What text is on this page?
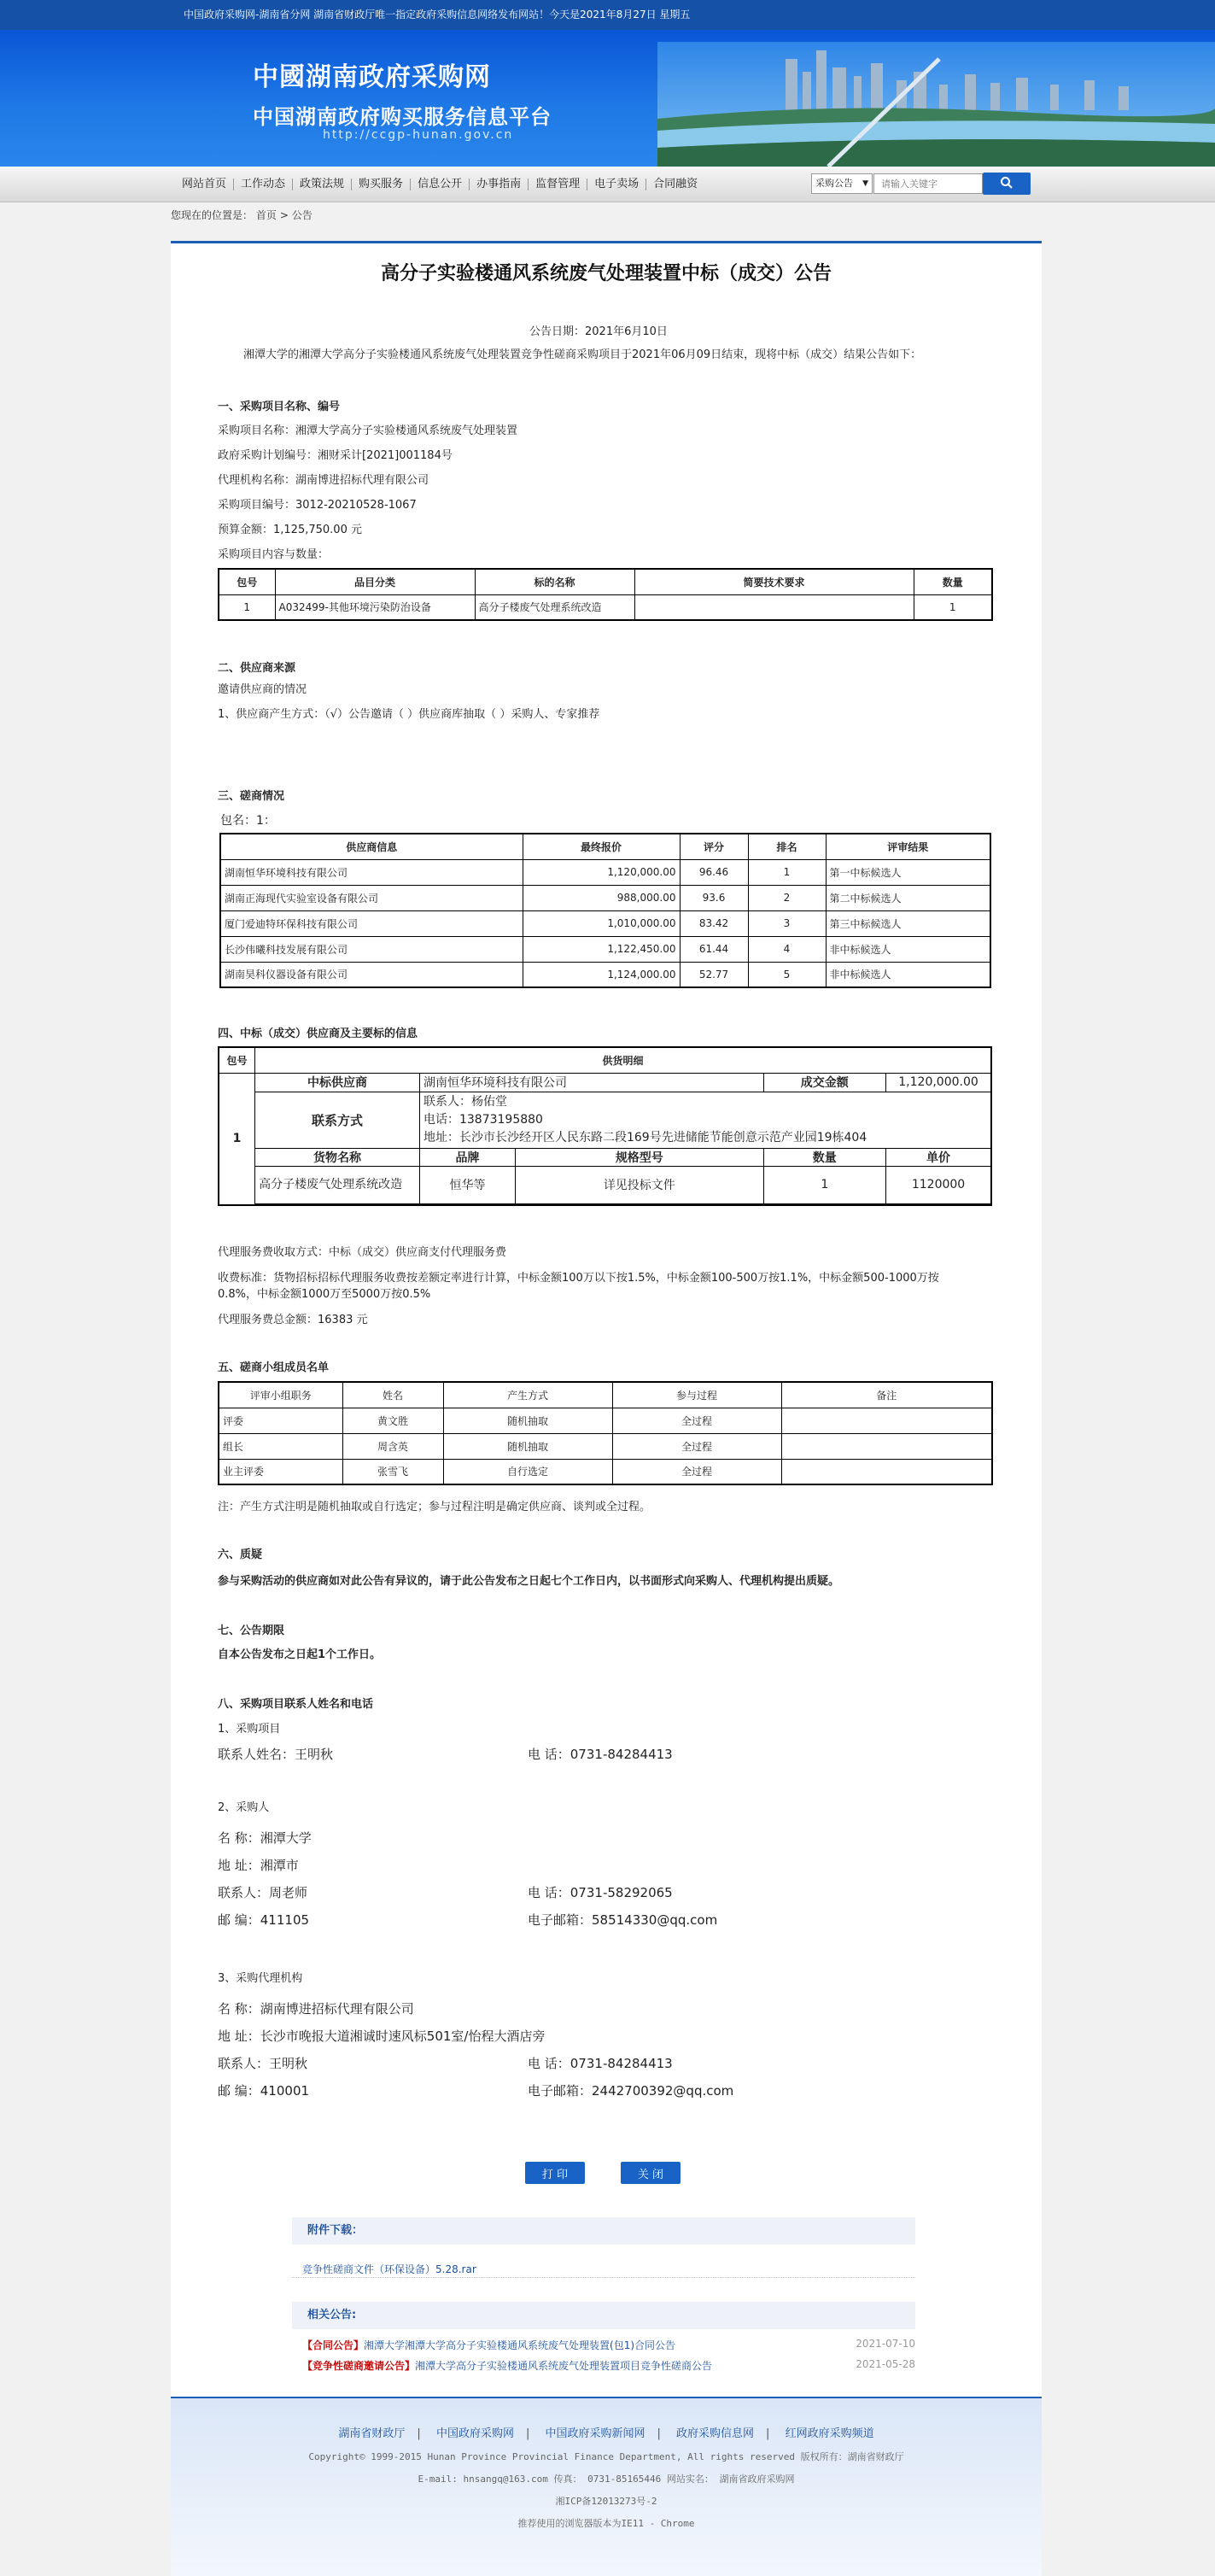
中国政府采购网-湖南省分网 湖南省财政厅唯一指定政府采购信息网络发布网站！今天是2021年8月27日 星期五
中國湖南政府采购网
中国湖南政府购买服务信息平台
http://ccgp-hunan.gov.cn
网站首页	工作动态	政策法规	购买服务	信息公开	办事指南	监督管理	电子卖场	合同融资	采购公告 ▼
请输入关键字
您现在的位置是： 首页 > 公告
高分子实验楼通风系统废气处理装置中标（成交）公告
公告日期：2021年6月10日
湘潭大学的湘潭大学高分子实验楼通风系统废气处理装置竞争性磋商采购项目于2021年06月09日结束，现将中标（成交）结果公告如下：
一、采购项目名称、编号
采购项目名称：湘潭大学高分子实验楼通风系统废气处理装置
政府采购计划编号：湘财采计[2021]001184号
代理机构名称：湖南博进招标代理有限公司
采购项目编号：3012-20210528-1067
预算金额：1,125,750.00 元
采购项目内容与数量：
包号	品目分类	标的名称	简要技术要求	数量
1	A032499-其他环境污染防治设备	高分子楼废气处理系统改造		1
二、供应商来源
邀请供应商的情况
1、供应商产生方式：（√）公告邀请（ ）供应商库抽取（ ）采购人、专家推荐
三、磋商情况
包名：1：
供应商信息	最终报价	评分	排名	评审结果
湖南恒华环境科技有限公司	1,120,000.00	96.46	1	第一中标候选人
湖南正海现代实验室设备有限公司	988,000.00	93.6	2	第二中标候选人
厦门爱迪特环保科技有限公司	1,010,000.00	83.42	3	第三中标候选人
长沙伟曦科技发展有限公司	1,122,450.00	61.44	4	非中标候选人
湖南昊科仪器设备有限公司	1,124,000.00	52.77	5	非中标候选人
四、中标（成交）供应商及主要标的信息
包号	供货明细				
1	中标供应商	湖南恒华环境科技有限公司		成交金额	1,120,000.00
	联系方式	联系人：杨佑堂
电话：13873195880
地址：长沙市长沙经开区人民东路二段169号先进储能节能创意示范产业园19栋404			

	货物名称	品牌	规格型号	数量	单价
	高分子楼废气处理系统改造	恒华等	详见投标文件	1	1120000

代理服务费收取方式：中标（成交）供应商支付代理服务费
收费标准：货物招标招标代理服务收费按差额定率进行计算，中标金额100万以下按1.5%，中标金额100-500万按1.1%，中标金额500-1000万按
0.8%，中标金额1000万至5000万按0.5%
代理服务费总金额：16383 元
五、磋商小组成员名单
评审小组职务	姓名	产生方式	参与过程	备注
评委	黄文胜	随机抽取	全过程	
组长	周含英	随机抽取	全过程	
业主评委	张雪飞	自行选定	全过程	
注：产生方式注明是随机抽取或自行选定；参与过程注明是确定供应商、谈判或全过程。
六、质疑
参与采购活动的供应商如对此公告有异议的，请于此公告发布之日起七个工作日内，以书面形式向采购人、代理机构提出质疑。
七、公告期限
自本公告发布之日起1个工作日。
八、采购项目联系人姓名和电话
1、采购项目
联系人姓名：王明秋	电 话：0731-84284413
2、采购人
名 称：湘潭大学
地 址：湘潭市
联系人：周老师	电 话：0731-58292065
邮 编：411105	电子邮箱：58514330@qq.com
3、采购代理机构
名 称：湖南博进招标代理有限公司
地 址：长沙市晚报大道湘诚时速风标501室/怡程大酒店旁
联系人：王明秋	电 话：0731-84284413
邮 编：410001	电子邮箱：2442700392@qq.com
打 印	关 闭
附件下载：
竞争性磋商文件（环保设备）5.28.rar
相关公告:
【合同公告】湘潭大学湘潭大学高分子实验楼通风系统废气处理装置(包1)合同公告	2021-07-10
【竞争性磋商邀请公告】湘潭大学高分子实验楼通风系统废气处理装置项目竞争性磋商公告	2021-05-28
湖南省财政厅 | 中国政府采购网 | 中国政府采购新闻网 | 政府采购信息网 | 红网政府采购频道
Copyright© 1999-2015 Hunan Province Provincial Finance Department, All rights reserved 版权所有：湖南省财政厅
E-mail: hnsangq@163.com 传真： 0731-85165446 网站实名： 湖南省政府采购网
湘ICP备12013273号-2
推荐使用的浏览器版本为IE11 - Chrome
